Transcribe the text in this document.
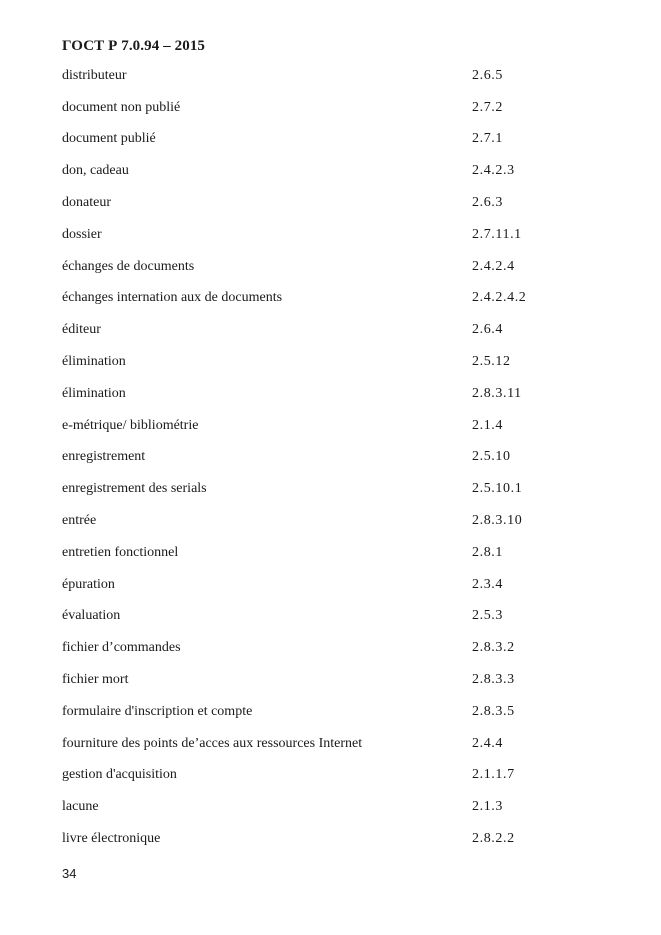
ГОСТ Р 7.0.94 – 2015
distributeur	2.6.5
document non publié	2.7.2
document publié	2.7.1
don, cadeau	2.4.2.3
donateur	2.6.3
dossier	2.7.11.1
échanges de documents	2.4.2.4
échanges internation aux de documents	2.4.2.4.2
éditeur	2.6.4
élimination	2.5.12
élimination	2.8.3.11
e-métrique/ bibliométrie	2.1.4
enregistrement	2.5.10
enregistrement des serials	2.5.10.1
entrée	2.8.3.10
entretien fonctionnel	2.8.1
épuration	2.3.4
évaluation	2.5.3
fichier d’commandes	2.8.3.2
fichier mort	2.8.3.3
formulaire d'inscription et compte	2.8.3.5
fourniture des points de’acces aux ressources Internet	2.4.4
gestion d'acquisition	2.1.1.7
lacune	2.1.3
livre électronique	2.8.2.2
34
